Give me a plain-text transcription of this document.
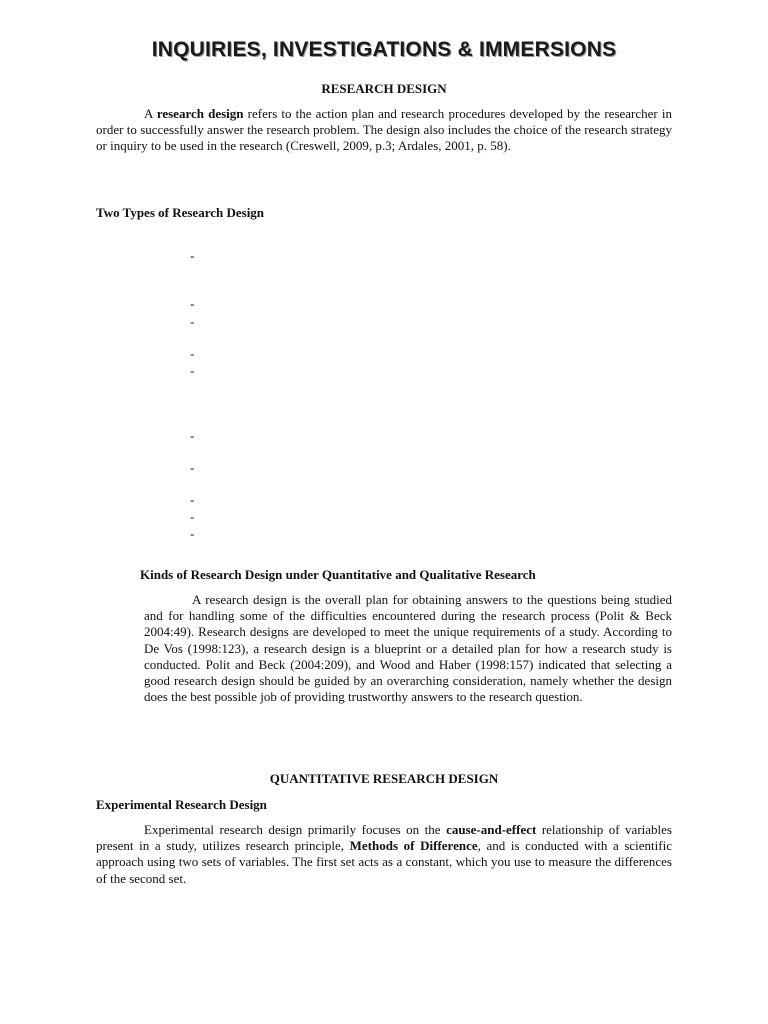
INQUIRIES, INVESTIGATIONS & IMMERSIONS
RESEARCH DESIGN

A research design refers to the action plan and research procedures developed by the researcher in order to successfully answer the research problem. The design also includes the choice of the research strategy or inquiry to be used in the research (Creswell, 2009, p.3; Ardales, 2001, p. 58).

Two Types of Research Design
-
-
-
-
-
-
-
-
-
-
Kinds of Research Design under Quantitative and Qualitative Research

A research design is the overall plan for obtaining answers to the questions being studied and for handling some of the difficulties encountered during the research process (Polit & Beck 2004:49). Research designs are developed to meet the unique requirements of a study. According to De Vos (1998:123), a research design is a blueprint or a detailed plan for how a research study is conducted. Polit and Beck (2004:209), and Wood and Haber (1998:157) indicated that selecting a good research design should be guided by an overarching consideration, namely whether the design does the best possible job of providing trustworthy answers to the research question.

QUANTITATIVE RESEARCH DESIGN
Experimental Research Design

Experimental research design primarily focuses on the cause-and-effect relationship of variables present in a study, utilizes research principle, Methods of Difference, and is conducted with a scientific approach using two sets of variables. The first set acts as a constant, which you use to measure the differences of the second set.
